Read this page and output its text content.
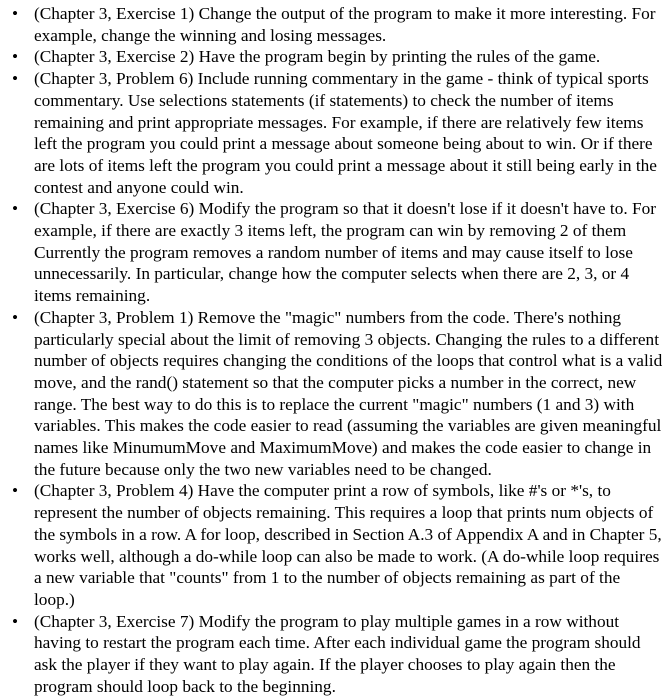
• (Chapter 3, Exercise 1) Change the output of the program to make it more interesting. For example, change the winning and losing messages.
• (Chapter 3, Exercise 2) Have the program begin by printing the rules of the game.
• (Chapter 3, Problem 6) Include running commentary in the game - think of typical sports commentary. Use selections statements (if statements) to check the number of items remaining and print appropriate messages. For example, if there are relatively few items left the program you could print a message about someone being about to win. Or if there are lots of items left the program you could print a message about it still being early in the contest and anyone could win.
• (Chapter 3, Exercise 6) Modify the program so that it doesn't lose if it doesn't have to. For example, if there are exactly 3 items left, the program can win by removing 2 of them Currently the program removes a random number of items and may cause itself to lose unnecessarily. In particular, change how the computer selects when there are 2, 3, or 4 items remaining.
• (Chapter 3, Problem 1) Remove the "magic" numbers from the code. There's nothing particularly special about the limit of removing 3 objects. Changing the rules to a different number of objects requires changing the conditions of the loops that control what is a valid move, and the rand() statement so that the computer picks a number in the correct, new range. The best way to do this is to replace the current "magic" numbers (1 and 3) with variables. This makes the code easier to read (assuming the variables are given meaningful names like MinumumMove and MaximumMove) and makes the code easier to change in the future because only the two new variables need to be changed.
• (Chapter 3, Problem 4) Have the computer print a row of symbols, like #'s or *'s, to represent the number of objects remaining. This requires a loop that prints num objects of the symbols in a row. A for loop, described in Section A.3 of Appendix A and in Chapter 5, works well, although a do-while loop can also be made to work. (A do-while loop requires a new variable that "counts" from 1 to the number of objects remaining as part of the loop.)
• (Chapter 3, Exercise 7) Modify the program to play multiple games in a row without having to restart the program each time. After each individual game the program should ask the player if they want to play again. If the player chooses to play again then the program should loop back to the beginning.
